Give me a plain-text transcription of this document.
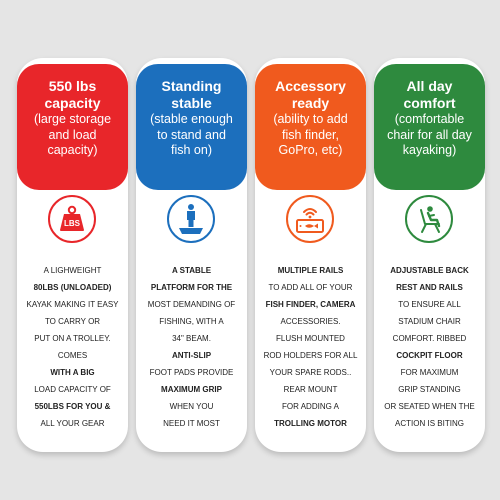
550 lbs
capacity
(large storage
and load
capacity)
LBS
A LIGHWEIGHT
80LBS (UNLOADED)
KAYAK MAKING IT EASY
TO CARRY OR
PUT ON A TROLLEY.
COMES
WITH A BIG
LOAD CAPACITY OF
550LBS FOR YOU &
ALL YOUR GEAR
Standing
stable
(stable enough
to stand and
fish on)
A STABLE
PLATFORM FOR THE
MOST DEMANDING OF
FISHING, WITH A
34" BEAM.
ANTI-SLIP
FOOT PADS PROVIDE
MAXIMUM GRIP
WHEN YOU
NEED IT MOST
Accessory
ready
(ability to add
fish finder,
GoPro, etc)
MULTIPLE RAILS
TO ADD ALL OF YOUR
FISH FINDER, CAMERA
ACCESSORIES.
FLUSH MOUNTED
ROD HOLDERS FOR ALL
YOUR SPARE RODS..
REAR MOUNT
FOR ADDING A
TROLLING MOTOR
All day
comfort
(comfortable
chair for all day
kayaking)
ADJUSTABLE BACK
REST AND RAILS
TO ENSURE ALL
STADIUM CHAIR
COMFORT. RIBBED
COCKPIT FLOOR
FOR MAXIMUM
GRIP STANDING
OR SEATED WHEN THE
ACTION IS BITING
